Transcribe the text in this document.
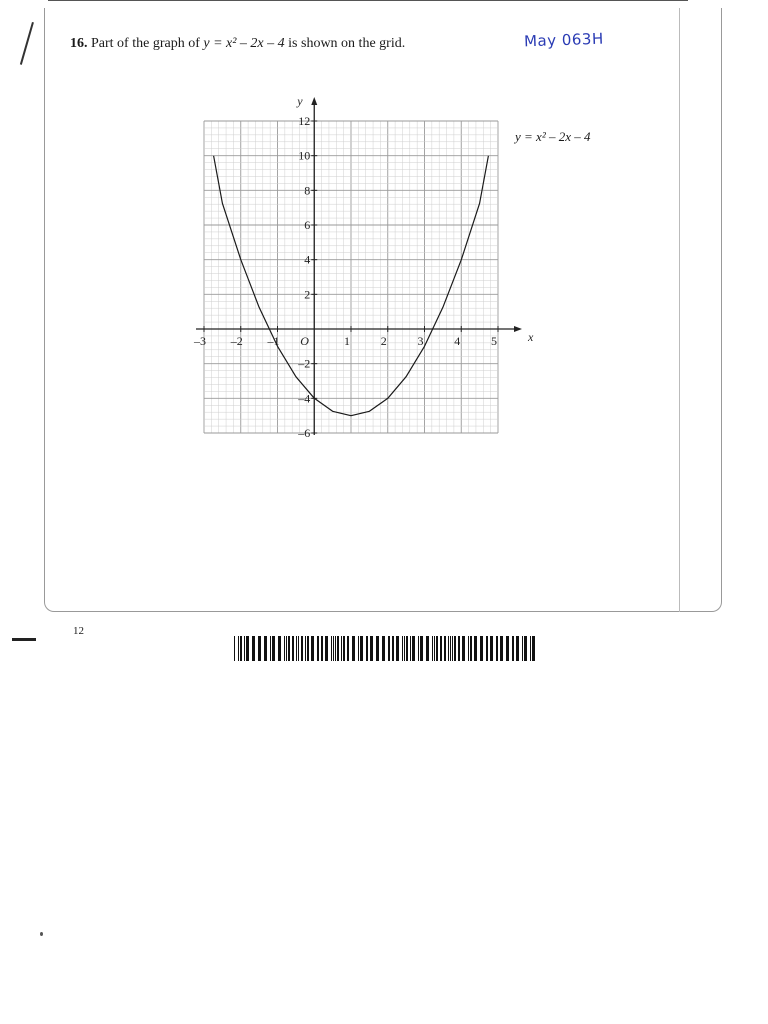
16. Part of the graph of y = x² – 2x – 4 is shown on the grid.	May 063H
y = x² – 2x – 4
x
y
O
–3 –2 –1	1	2	3	4	5
–6
–4
–2
2
4
6
8
10
12
12
